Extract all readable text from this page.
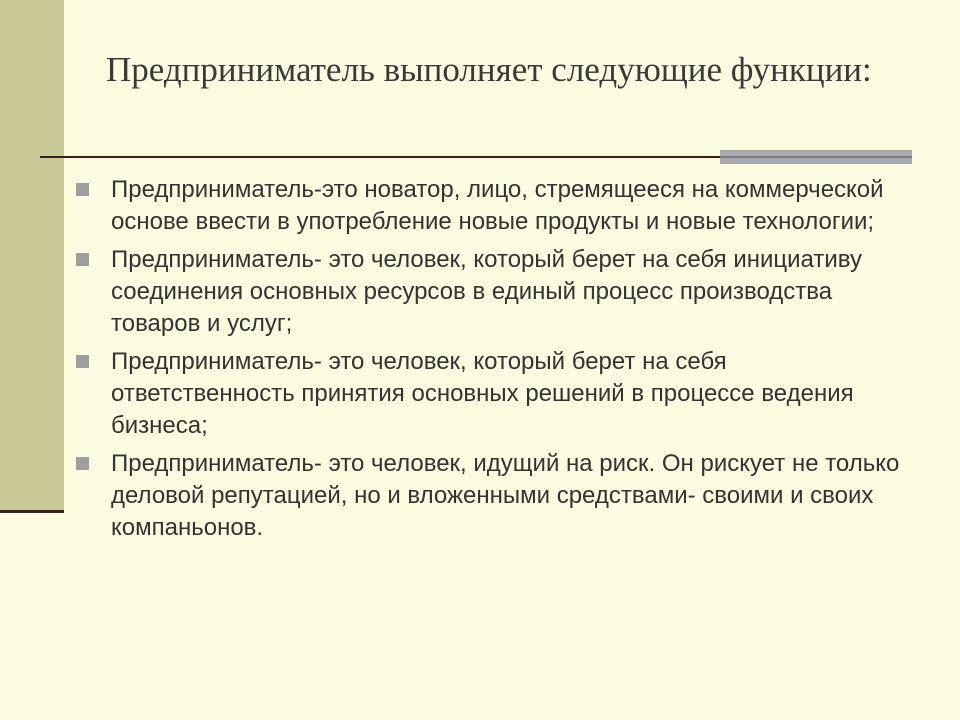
Предприниматель выполняет следующие функции:
Предприниматель-это новатор, лицо, стремящееся на коммерческой основе ввести в употребление новые продукты и новые технологии;
Предприниматель- это человек, который берет на себя инициативу соединения основных ресурсов в единый процесс производства товаров и услуг;
Предприниматель- это человек, который берет на себя ответственность принятия основных решений в процессе ведения бизнеса;
Предприниматель- это человек, идущий на риск. Он рискует не только деловой репутацией, но и вложенными средствами- своими и своих компаньонов.
